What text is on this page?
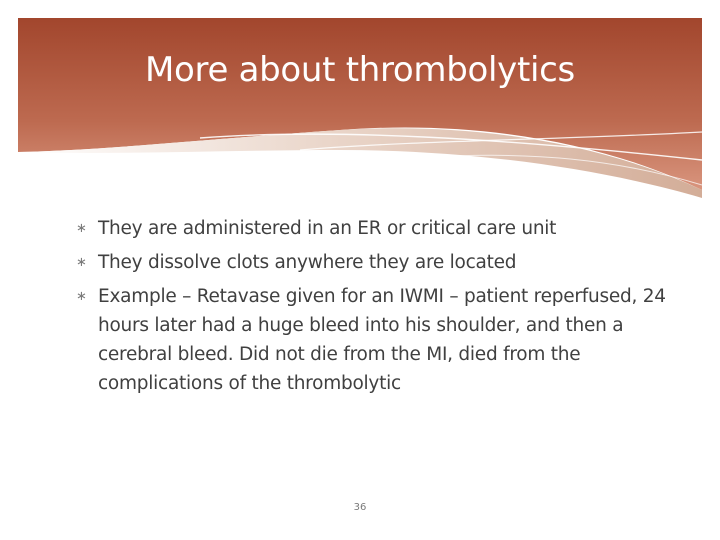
More about thrombolytics
∗ They are administered in an ER or critical care unit
∗ They dissolve clots anywhere they are located
∗ Example – Retavase given for an IWMI – patient reperfused, 24 hours later had a huge bleed into his shoulder, and then a cerebral bleed. Did not die from the MI, died from the complications of the thrombolytic
36
